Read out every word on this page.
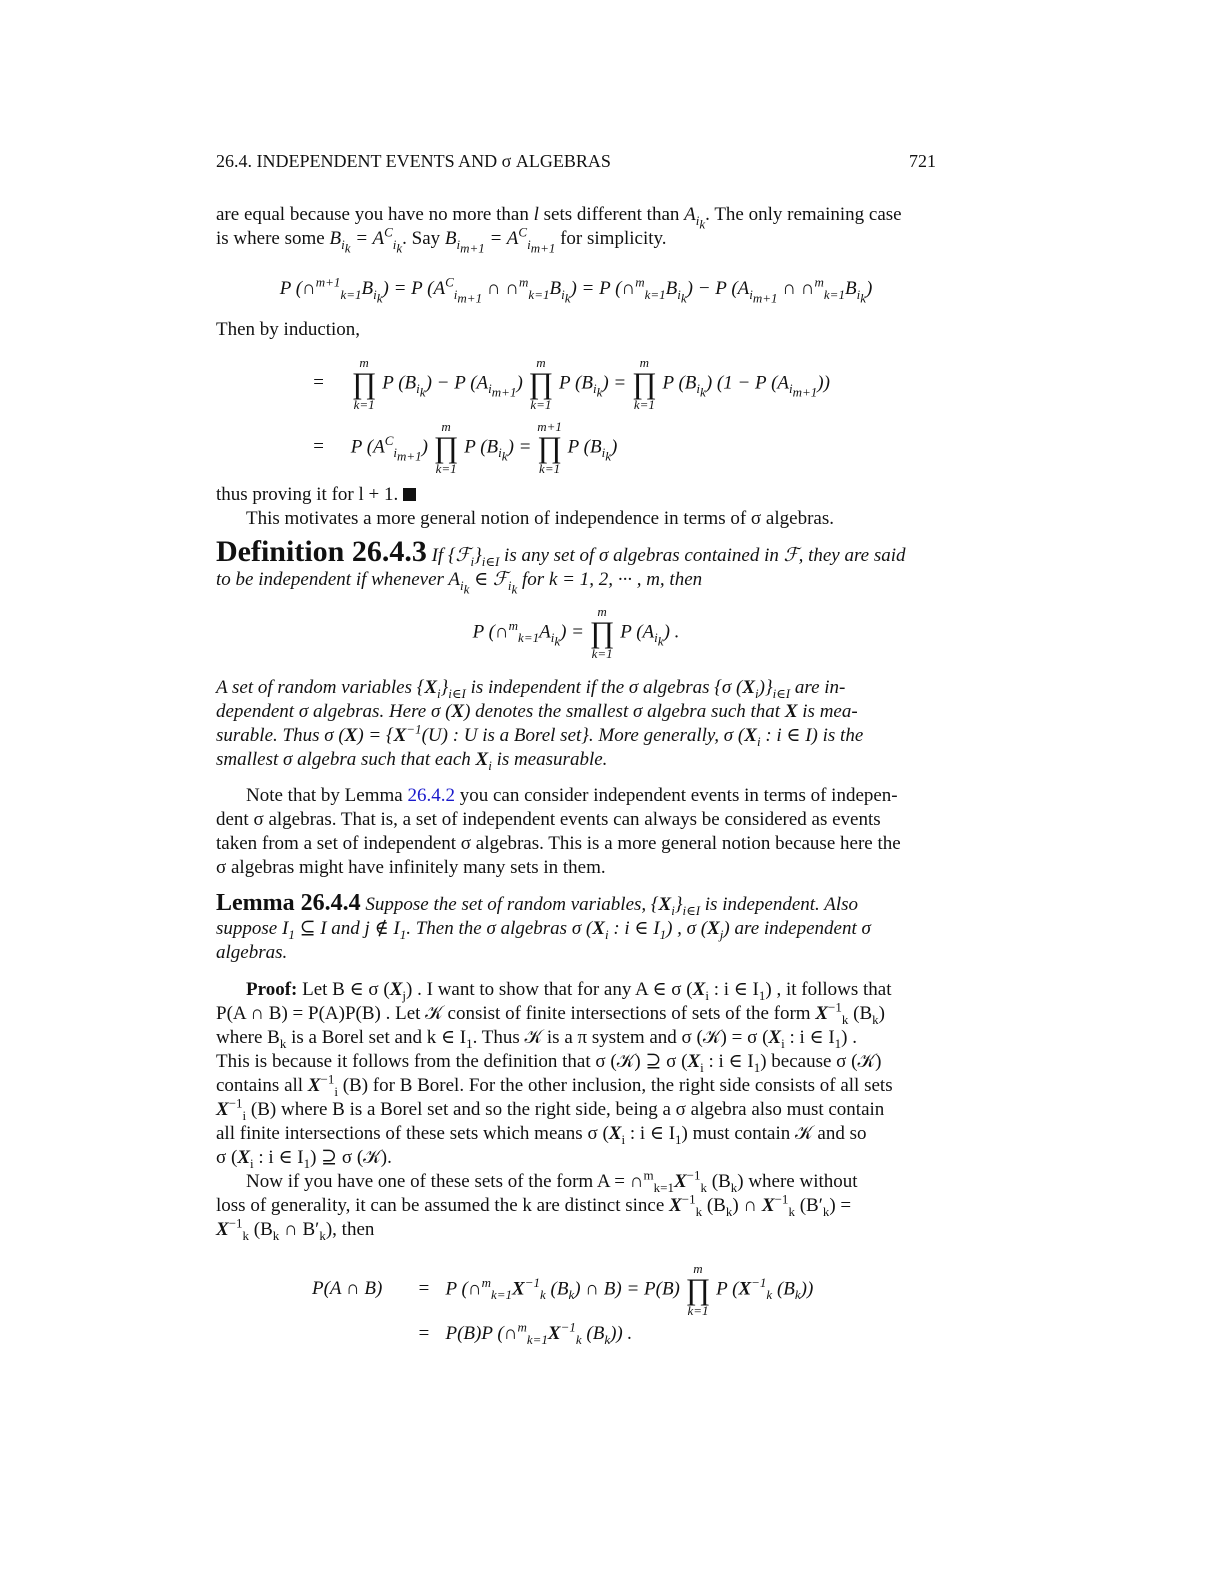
26.4. INDEPENDENT EVENTS AND σ ALGEBRAS	721
are equal because you have no more than l sets different than $A_{i_k}$. The only remaining case
is where some $B_{i_k} = A^C_{i_k}$. Say $B_{i_{m+1}} = A^C_{i_{m+1}}$ for simplicity.
P $(\cap^{m+1}_{k=1}B_{i_k}) = P$ ($A^C_{i_{m+1}}$ ∩ $\cap^m_{k=1}B_{i_k}) = P$ $(\cap^m_{k=1}B_{i_k}) - P$ ($A_{i_{m+1}}$ ∩ $\cap^m_{k=1}B_{i_k}$)
Then by induction,
=
m
∏
k=1
P $(B_{i_k}) - P$ $(A_{i_{m+1}})$
m
∏
k=1
P $(B_{i_k})$ =
m
∏
k=1
P $(B_{i_k}) (1 - P$ $(A_{i_{m+1}})$)
= P $(A^C_{i_{m+1}})$
m
∏
k=1
P $(B_{i_k})$ =
m+1
∏
k=1
P $(B_{i_k})$
thus proving it for l + 1.
This motivates a more general notion of independence in terms of σ algebras.
Definition 26.4.3 If $\{ℱ_i\}_{i\in I}$ is any set of σ algebras contained in ℱ, they are said
to be independent if whenever $A_{i_k}$ ∈ ℱ$_{i_k}$ for k = 1, 2, ··· , m, then
P $(\cap^m_{k=1}A_{i_k})$ =
m
∏
k=1
P $(A_{i_k})$ .
A set of random variables $\{X_i\}_{i\in I}$ is independent if the σ algebras {σ $(X_i)\}_{i\in I}$ are in-
dependent σ algebras. Here σ (X) denotes the smallest σ algebra such that X is mea-
surable. Thus σ $(X) = \{X^{-1}(U)$ : U is a Borel set}. More generally, σ ($X_i$ : i ∈ I) is the
smallest σ algebra such that each $X_i$ is measurable.
Note that by Lemma 26.4.2 you can consider independent events in terms of indepen-
dent σ algebras. That is, a set of independent events can always be considered as events
taken from a set of independent σ algebras. This is a more general notion because here the
σ algebras might have infinitely many sets in them.
Lemma 26.4.4 Suppose the set of random variables, $\{X_i\}_{i\in I}$ is independent. Also
suppose $I_1$ ⊆ I and j ∉ $I_1$. Then the σ algebras σ ($X_i$ : i ∈ $I_1$) , σ $(X_j)$ are independent σ
algebras.
Proof: Let B ∈ σ $(X_j)$ . I want to show that for any A ∈ σ ($X_i$ : i ∈ $I_1$) , it follows that
P(A ∩ B) = P(A)P(B) . Let 𝒦 consist of finite intersections of sets of the form $X^{-1}_k$ $(B_k)$
where $B_k$ is a Borel set and k ∈ $I_1$. Thus 𝒦 is a π system and σ (𝒦) = σ ($X_i$ : i ∈ $I_1$) .
This is because it follows from the definition that σ (𝒦) ⊇ σ ($X_i$ : i ∈ $I_1$) because σ (𝒦)
contains all $X^{-1}_i$ (B) for B Borel. For the other inclusion, the right side consists of all sets
$X^{-1}_i$ (B) where B is a Borel set and so the right side, being a σ algebra also must contain
all finite intersections of these sets which means σ ($X_i$ : i ∈ $I_1$) must contain 𝒦 and so
σ ($X_i$ : i ∈ $I_1$) ⊇ σ (𝒦).
Now if you have one of these sets of the form $A = \cap^m_{k=1}X^{-1}_k$ $(B_k)$ where without
loss of generality, it can be assumed the k are distinct since $X^{-1}_k$ $(B_k)$ ∩ $X^{-1}_k$ $(B'_k)$ =
$X^{-1}_k$ ($B_k$ ∩ $B'_k$), then
P(A ∩ B) = P ($\cap^m_{k=1}X^{-1}_k$ $(B_k)$ ∩ B) = P(B)
m
∏
k=1
P ($X^{-1}_k$ $(B_k)$)
= P(B)P ($\cap^m_{k=1}X^{-1}_k$ $(B_k)$) .
